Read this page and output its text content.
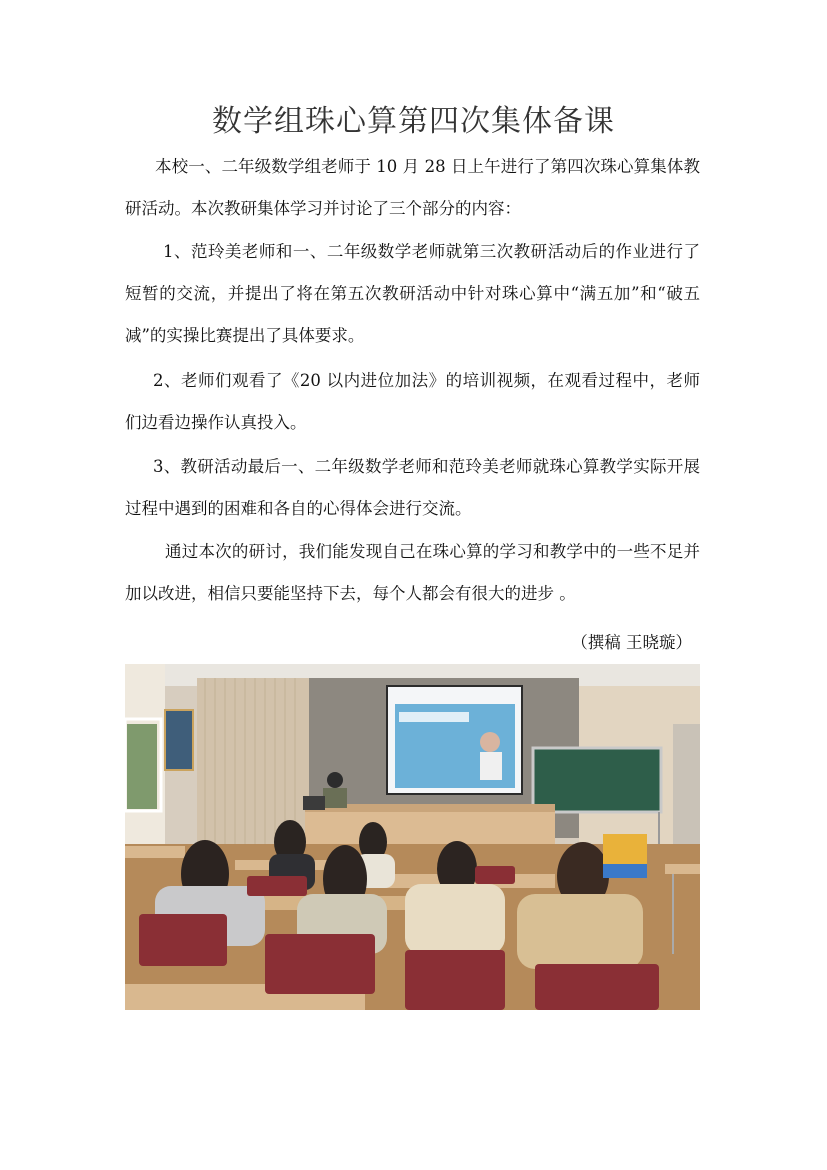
数学组珠心算第四次集体备课

本校一、二年级数学组老师于 10 月 28 日上午进行了第四次珠心算集体教研活动。本次教研集体学习并讨论了三个部分的内容：

1、范玲美老师和一、二年级数学老师就第三次教研活动后的作业进行了短暂的交流，并提出了将在第五次教研活动中针对珠心算中“满五加”和“破五减”的实操比赛提出了具体要求。

2、老师们观看了《20 以内进位加法》的培训视频，在观看过程中，老师们边看边操作认真投入。

3、教研活动最后一、二年级数学老师和范玲美老师就珠心算教学实际开展过程中遇到的困难和各自的心得体会进行交流。

通过本次的研讨，我们能发现自己在珠心算的学习和教学中的一些不足并加以改进，相信只要能坚持下去，每个人都会有很大的进步 。

（撰稿 王晓璇）
